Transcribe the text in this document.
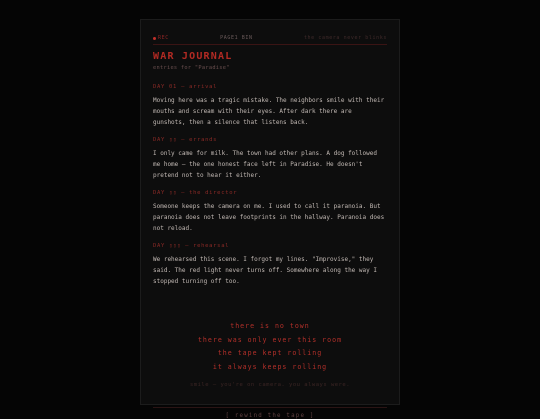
REC	PAGE1 BIN	the camera never blinks
WAR JOURNAL
entries for "Paradise"
DAY 01 — arrival
Moving here was a tragic mistake. The neighbors smile with their mouths and scream with their eyes. After dark there are gunshots, then a silence that listens back.
DAY ▯▯ — errands
I only came for milk. The town had other plans. A dog followed me home — the one honest face left in Paradise. He doesn't pretend not to hear it either.
DAY ▯▯ — the director
Someone keeps the camera on me. I used to call it paranoia. But paranoia does not leave footprints in the hallway. Paranoia does not reload.
DAY ▯▯▯ — rehearsal
We rehearsed this scene. I forgot my lines. "Improvise," they said. The red light never turns off. Somewhere along the way I stopped turning off too.
there is no town
there was only ever this room
the tape kept rolling
it always keeps rolling
smile — you're on camera. you always were.
[ rewind the tape ]
